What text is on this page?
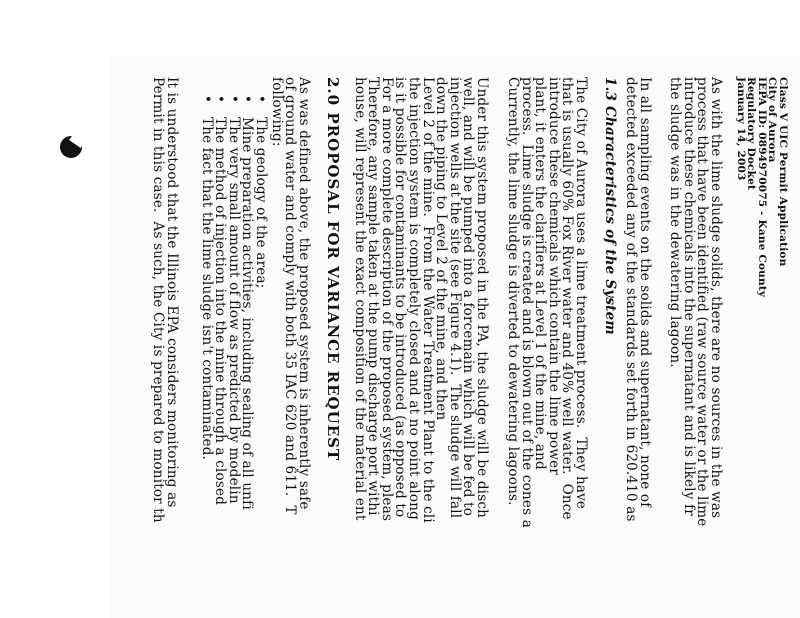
Class V UIC Permit Application
City of Aurora
IEPA ID: 0894970075 - Kane County
Regulatory Docket
January 14, 2003
As with the lime sludge solids, there are no sources in the was
process that have been identified (raw source water or the lime
introduce these chemicals into the supernatant and is likely fr
the sludge was in the dewatering lagoon.
In all sampling events on the solids and supernatant, none of
detected exceeded any of the standards set forth in 620.410 as
1.3 Characteristics of the System
The City of Aurora uses a lime treatment process.  They have
that is usually 60% Fox River water and 40% well water.  Once
introduce these chemicals which contain the lime power
plant, it enters the clarifiers at Level 1 of the mine, and
process.  Lime sludge is created and is blown out of the cones a
Currently, the lime sludge is diverted to dewatering lagoons.
Under this system proposed in the PA, the sludge will be disch
well, and will be pumped into a forcemain which will be fed to
injection wells at the site (see Figure 4.1).  The sludge will fall
down the piping to Level 2 of the mine, and then
Level 2 of the mine.  From the Water Treatment Plant to the cli
the injection system is completely closed and at no point along
is it possible for contaminants to be introduced (as opposed to
For a more complete description of the proposed system, pleas
Therefore, any sample taken at the pump discharge port withi
house, will represent the exact composition of the material ent
2.0 PROPOSAL FOR VARIANCE REQUEST
As was defined above, the proposed system is inherently safe
of ground water and comply with both 35 IAC 620 and 611.  T
following:
• The geology of the area;
• Mine preparation activities, including sealing of all unfi
• The very small amount of flow as predicted by modelin
• The method of injection into the mine through a closed
• The fact that the lime sludge isn't contaminated.
It is understood that the Illinois EPA considers monitoring as
Permit in this case.  As such, the City is prepared to monitor th
